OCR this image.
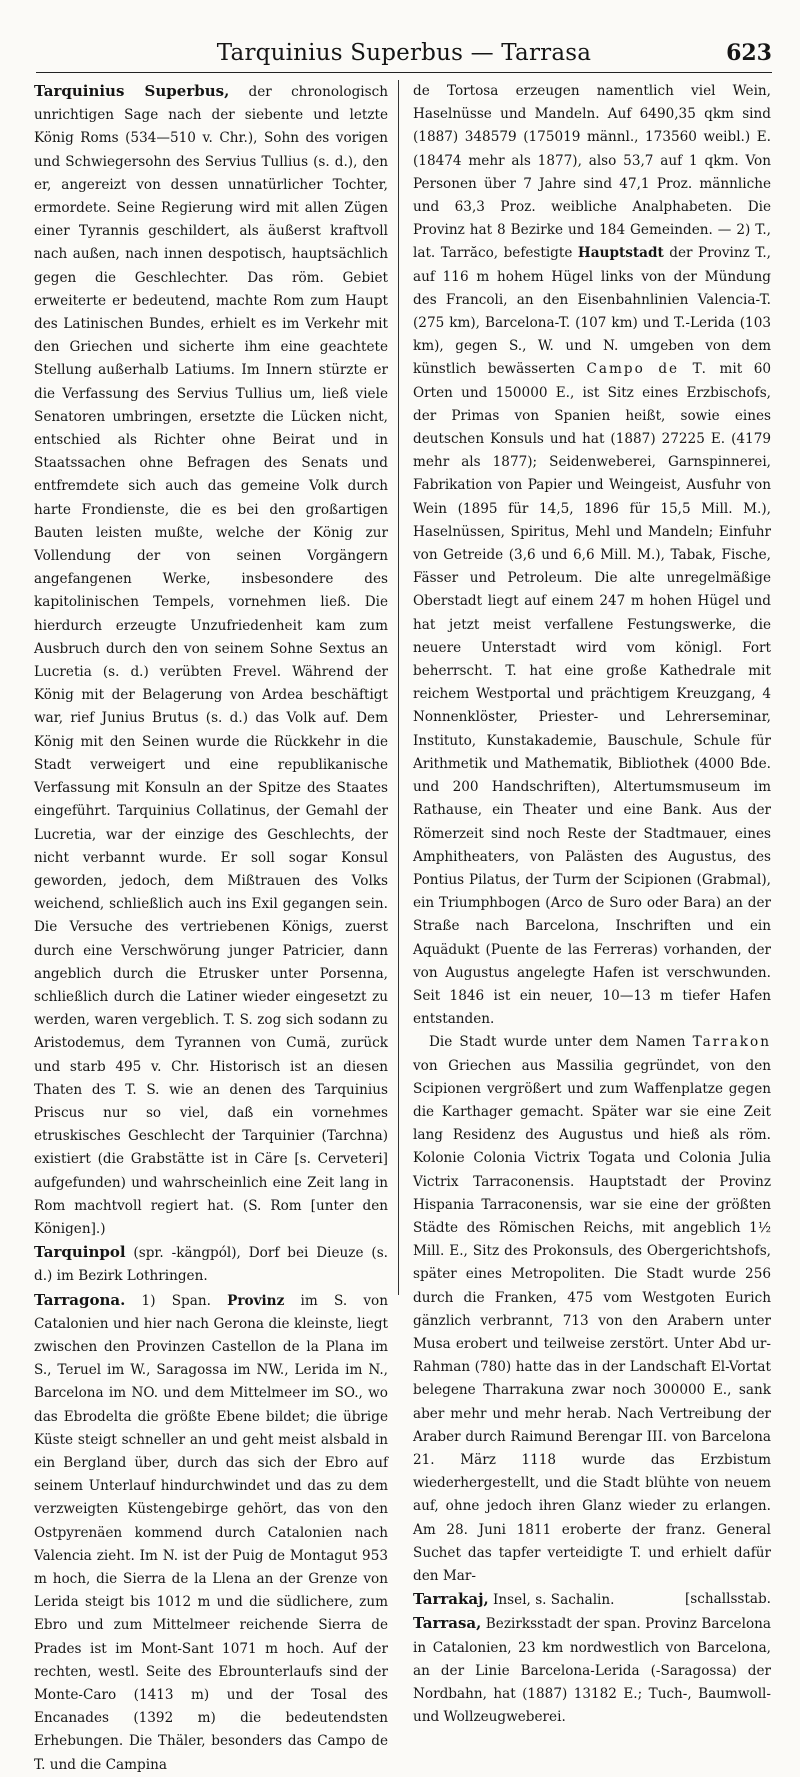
Tarquinius Superbus — Tarrasa	623

Tarquinius Superbus, der chronologisch unrichtigen Sage nach der siebente und letzte König Roms (534—510 v. Chr.), Sohn des vorigen und Schwiegersohn des Servius Tullius (s. d.), den er, angereizt von dessen unnatürlicher Tochter, ermordete. Seine Regierung wird mit allen Zügen einer Tyrannis geschildert, als äußerst kraftvoll nach außen, nach innen despotisch, hauptsächlich gegen die Geschlechter. Das röm. Gebiet erweiterte er bedeutend, machte Rom zum Haupt des Latinischen Bundes, erhielt es im Verkehr mit den Griechen und sicherte ihm eine geachtete Stellung außerhalb Latiums. Im Innern stürzte er die Verfassung des Servius Tullius um, ließ viele Senatoren umbringen, ersetzte die Lücken nicht, entschied als Richter ohne Beirat und in Staatssachen ohne Befragen des Senats und entfremdete sich auch das gemeine Volk durch harte Frondienste, die es bei den großartigen Bauten leisten mußte, welche der König zur Vollendung der von seinen Vorgängern angefangenen Werke, insbesondere des kapitolinischen Tempels, vornehmen ließ. Die hierdurch erzeugte Unzufriedenheit kam zum Ausbruch durch den von seinem Sohne Sextus an Lucretia (s. d.) verübten Frevel. Während der König mit der Belagerung von Ardea beschäftigt war, rief Junius Brutus (s. d.) das Volk auf. Dem König mit den Seinen wurde die Rückkehr in die Stadt verweigert und eine republikanische Verfassung mit Konsuln an der Spitze des Staates eingeführt. Tarquinius Collatinus, der Gemahl der Lucretia, war der einzige des Geschlechts, der nicht verbannt wurde. Er soll sogar Konsul geworden, jedoch, dem Mißtrauen des Volks weichend, schließlich auch ins Exil gegangen sein. Die Versuche des vertriebenen Königs, zuerst durch eine Verschwörung junger Patricier, dann angeblich durch die Etrusker unter Porsenna, schließlich durch die Latiner wieder eingesetzt zu werden, waren vergeblich. T. S. zog sich sodann zu Aristodemus, dem Tyrannen von Cumä, zurück und starb 495 v. Chr. Historisch ist an diesen Thaten des T. S. wie an denen des Tarquinius Priscus nur so viel, daß ein vornehmes etruskisches Geschlecht der Tarquinier (Tarchna) existiert (die Grabstätte ist in Cäre [s. Cerveteri] aufgefunden) und wahrscheinlich eine Zeit lang in Rom machtvoll regiert hat. (S. Rom [unter den Königen].)

Tarquinpol (spr. -kängpól), Dorf bei Dieuze (s. d.) im Bezirk Lothringen.

Tarragona. 1) Span. Provinz im S. von Catalonien und hier nach Gerona die kleinste, liegt zwischen den Provinzen Castellon de la Plana im S., Teruel im W., Saragossa im NW., Lerida im N., Barcelona im NO. und dem Mittelmeer im SO., wo das Ebrodelta die größte Ebene bildet; die übrige Küste steigt schneller an und geht meist alsbald in ein Bergland über, durch das sich der Ebro auf seinem Unterlauf hindurchwindet und das zu dem verzweigten Küstengebirge gehört, das von den Ostpyrenäen kommend durch Catalonien nach Valencia zieht. Im N. ist der Puig de Montagut 953 m hoch, die Sierra de la Llena an der Grenze von Lerida steigt bis 1012 m und die südlichere, zum Ebro und zum Mittelmeer reichende Sierra de Prades ist im Mont-Sant 1071 m hoch. Auf der rechten, westl. Seite des Ebrounterlaufs sind der Monte-Caro (1413 m) und der Tosal des Encanades (1392 m) die bedeutendsten Erhebungen. Die Thäler, besonders das Campo de T. und die Campina

de Tortosa erzeugen namentlich viel Wein, Haselnüsse und Mandeln. Auf 6490,35 qkm sind (1887) 348579 (175019 männl., 173560 weibl.) E. (18474 mehr als 1877), also 53,7 auf 1 qkm. Von Personen über 7 Jahre sind 47,1 Proz. männliche und 63,3 Proz. weibliche Analphabeten. Die Provinz hat 8 Bezirke und 184 Gemeinden. — 2) T., lat. Tarrăco, befestigte Hauptstadt der Provinz T., auf 116 m hohem Hügel links von der Mündung des Francoli, an den Eisenbahnlinien Valencia-T. (275 km), Barcelona-T. (107 km) und T.-Lerida (103 km), gegen S., W. und N. umgeben von dem künstlich bewässerten Campo de T. mit 60 Orten und 150000 E., ist Sitz eines Erzbischofs, der Primas von Spanien heißt, sowie eines deutschen Konsuls und hat (1887) 27225 E. (4179 mehr als 1877); Seidenweberei, Garnspinnerei, Fabrikation von Papier und Weingeist, Ausfuhr von Wein (1895 für 14,5, 1896 für 15,5 Mill. M.), Haselnüssen, Spiritus, Mehl und Mandeln; Einfuhr von Getreide (3,6 und 6,6 Mill. M.), Tabak, Fische, Fässer und Petroleum. Die alte unregelmäßige Oberstadt liegt auf einem 247 m hohen Hügel und hat jetzt meist verfallene Festungswerke, die neuere Unterstadt wird vom königl. Fort beherrscht. T. hat eine große Kathedrale mit reichem Westportal und prächtigem Kreuzgang, 4 Nonnenklöster, Priester- und Lehrerseminar, Instituto, Kunstakademie, Bauschule, Schule für Arithmetik und Mathematik, Bibliothek (4000 Bde. und 200 Handschriften), Altertumsmuseum im Rathause, ein Theater und eine Bank. Aus der Römerzeit sind noch Reste der Stadtmauer, eines Amphitheaters, von Palästen des Augustus, des Pontius Pilatus, der Turm der Scipionen (Grabmal), ein Triumphbogen (Arco de Suro oder Bara) an der Straße nach Barcelona, Inschriften und ein Aquädukt (Puente de las Ferreras) vorhanden, der von Augustus angelegte Hafen ist verschwunden. Seit 1846 ist ein neuer, 10—13 m tiefer Hafen entstanden.

Die Stadt wurde unter dem Namen Tarrakon von Griechen aus Massilia gegründet, von den Scipionen vergrößert und zum Waffenplatze gegen die Karthager gemacht. Später war sie eine Zeit lang Residenz des Augustus und hieß als röm. Kolonie Colonia Victrix Togata und Colonia Julia Victrix Tarraconensis. Hauptstadt der Provinz Hispania Tarraconensis, war sie eine der größten Städte des Römischen Reichs, mit angeblich 1½ Mill. E., Sitz des Prokonsuls, des Obergerichtshofs, später eines Metropoliten. Die Stadt wurde 256 durch die Franken, 475 vom Westgoten Eurich gänzlich verbrannt, 713 von den Arabern unter Musa erobert und teilweise zerstört. Unter Abd ur-Rahman (780) hatte das in der Landschaft El-Vortat belegene Tharrakuna zwar noch 300000 E., sank aber mehr und mehr herab. Nach Vertreibung der Araber durch Raimund Berengar III. von Barcelona 21. März 1118 wurde das Erzbistum wiederhergestellt, und die Stadt blühte von neuem auf, ohne jedoch ihren Glanz wieder zu erlangen. Am 28. Juni 1811 eroberte der franz. General Suchet das tapfer verteidigte T. und erhielt dafür den Mar-

Tarrakaj, Insel, s. Sachalin.	[schallsstab.

Tarrasa, Bezirksstadt der span. Provinz Barcelona in Catalonien, 23 km nordwestlich von Barcelona, an der Linie Barcelona-Lerida (-Saragossa) der Nordbahn, hat (1887) 13182 E.; Tuch-, Baumwoll- und Wollzeugweberei.
